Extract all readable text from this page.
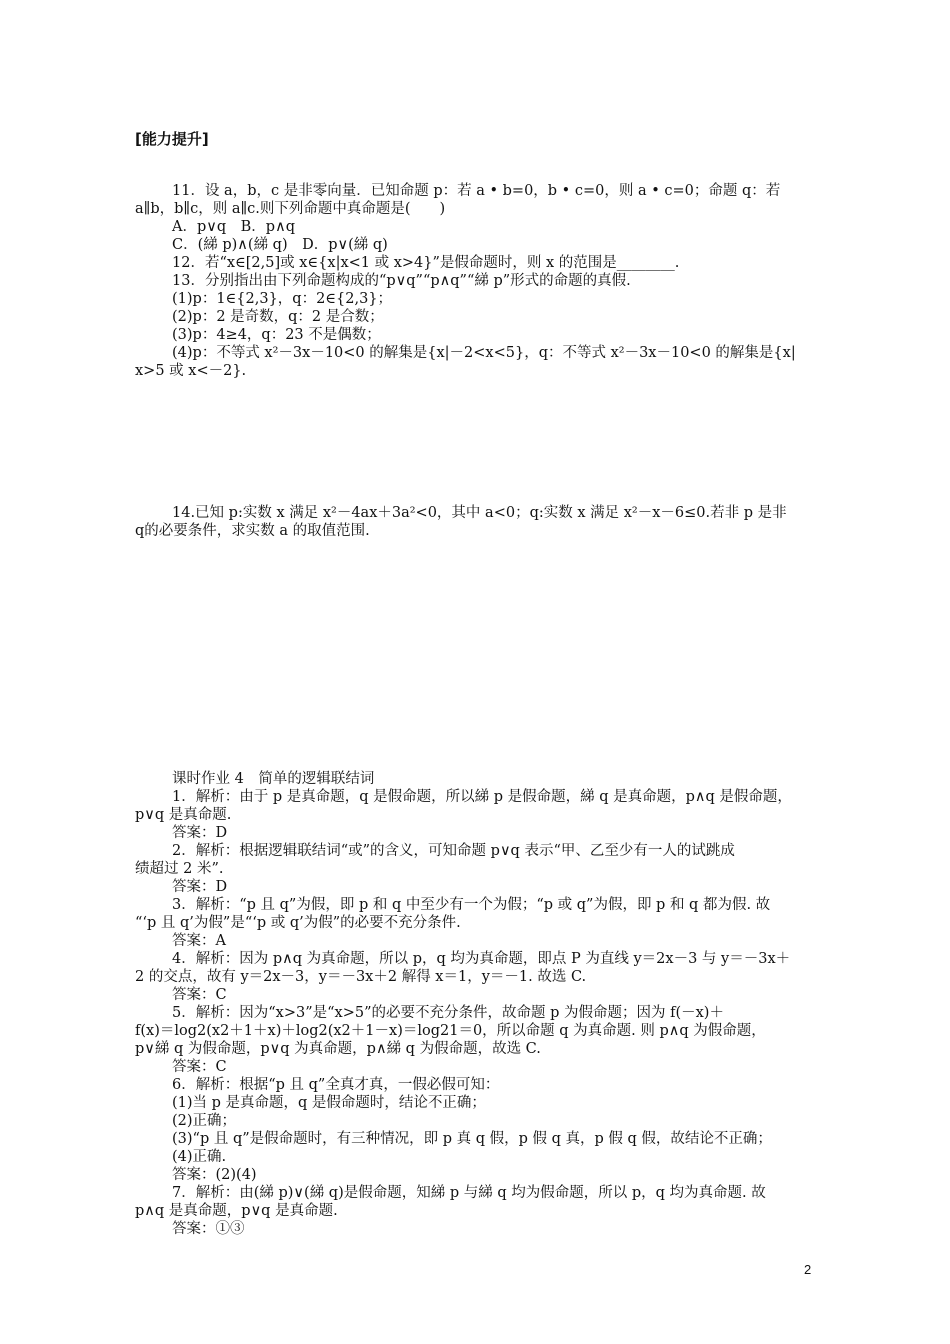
[能力提升]
11．设 a，b，c 是非零向量．已知命题 p：若 a • b=0，b • c=0，则 a • c=0；命题 q：若
a∥b，b∥c，则 a∥c.则下列命题中真命题是(　　)
A．p∨q　B．p∧q
C．(綈 p)∧(綈 q)　D．p∨(綈 q)
12．若“x∈[2,5]或 x∈{x|x<1 或 x>4}”是假命题时，则 x 的范围是________.
13．分别指出由下列命题构成的“p∨q”“p∧q”“綈 p”形式的命题的真假.
(1)p：1∈{2,3}，q：2∈{2,3}；
(2)p：2 是奇数，q：2 是合数；
(3)p：4≥4，q：23 不是偶数；
(4)p：不等式 x²－3x－10<0 的解集是{x|－2<x<5}，q：不等式 x²－3x－10<0 的解集是{x|
x>5 或 x<－2}.
14.已知 p:实数 x 满足 x²－4ax＋3a²<0，其中 a<0；q:实数 x 满足 x²－x－6≤0.若非 p 是非
q的必要条件，求实数 a 的取值范围.
课时作业 4　简单的逻辑联结词
1．解析：由于 p 是真命题，q 是假命题，所以綈 p 是假命题，綈 q 是真命题，p∧q 是假命题，
p∨q 是真命题.
答案：D
2．解析：根据逻辑联结词“或”的含义，可知命题 p∨q 表示“甲、乙至少有一人的试跳成
绩超过 2 米”.
答案：D
3．解析：“p 且 q”为假，即 p 和 q 中至少有一个为假；“p 或 q”为假，即 p 和 q 都为假. 故
“‘p 且 q’为假”是“‘p 或 q’为假”的必要不充分条件.
答案：A
4．解析：因为 p∧q 为真命题，所以 p，q 均为真命题，即点 P 为直线 y＝2x－3 与 y＝－3x＋
2 的交点，故有 y＝2x－3，y＝－3x＋2 解得 x＝1，y＝－1. 故选 C.
答案：C
5．解析：因为“x>3”是“x>5”的必要不充分条件，故命题 p 为假命题；因为 f(－x)＋
f(x)＝log2(x2＋1＋x)＋log2(x2＋1－x)＝log21＝0，所以命题 q 为真命题. 则 p∧q 为假命题，
p∨綈 q 为假命题，p∨q 为真命题，p∧綈 q 为假命题，故选 C.
答案：C
6．解析：根据“p 且 q”全真才真，一假必假可知：
(1)当 p 是真命题，q 是假命题时，结论不正确；
(2)正确；
(3)“p 且 q”是假命题时，有三种情况，即 p 真 q 假，p 假 q 真，p 假 q 假，故结论不正确；
(4)正确.
答案：(2)(4)
7．解析：由(綈 p)∨(綈 q)是假命题，知綈 p 与綈 q 均为假命题，所以 p，q 均为真命题. 故
p∧q 是真命题，p∨q 是真命题.
答案：①③
2
